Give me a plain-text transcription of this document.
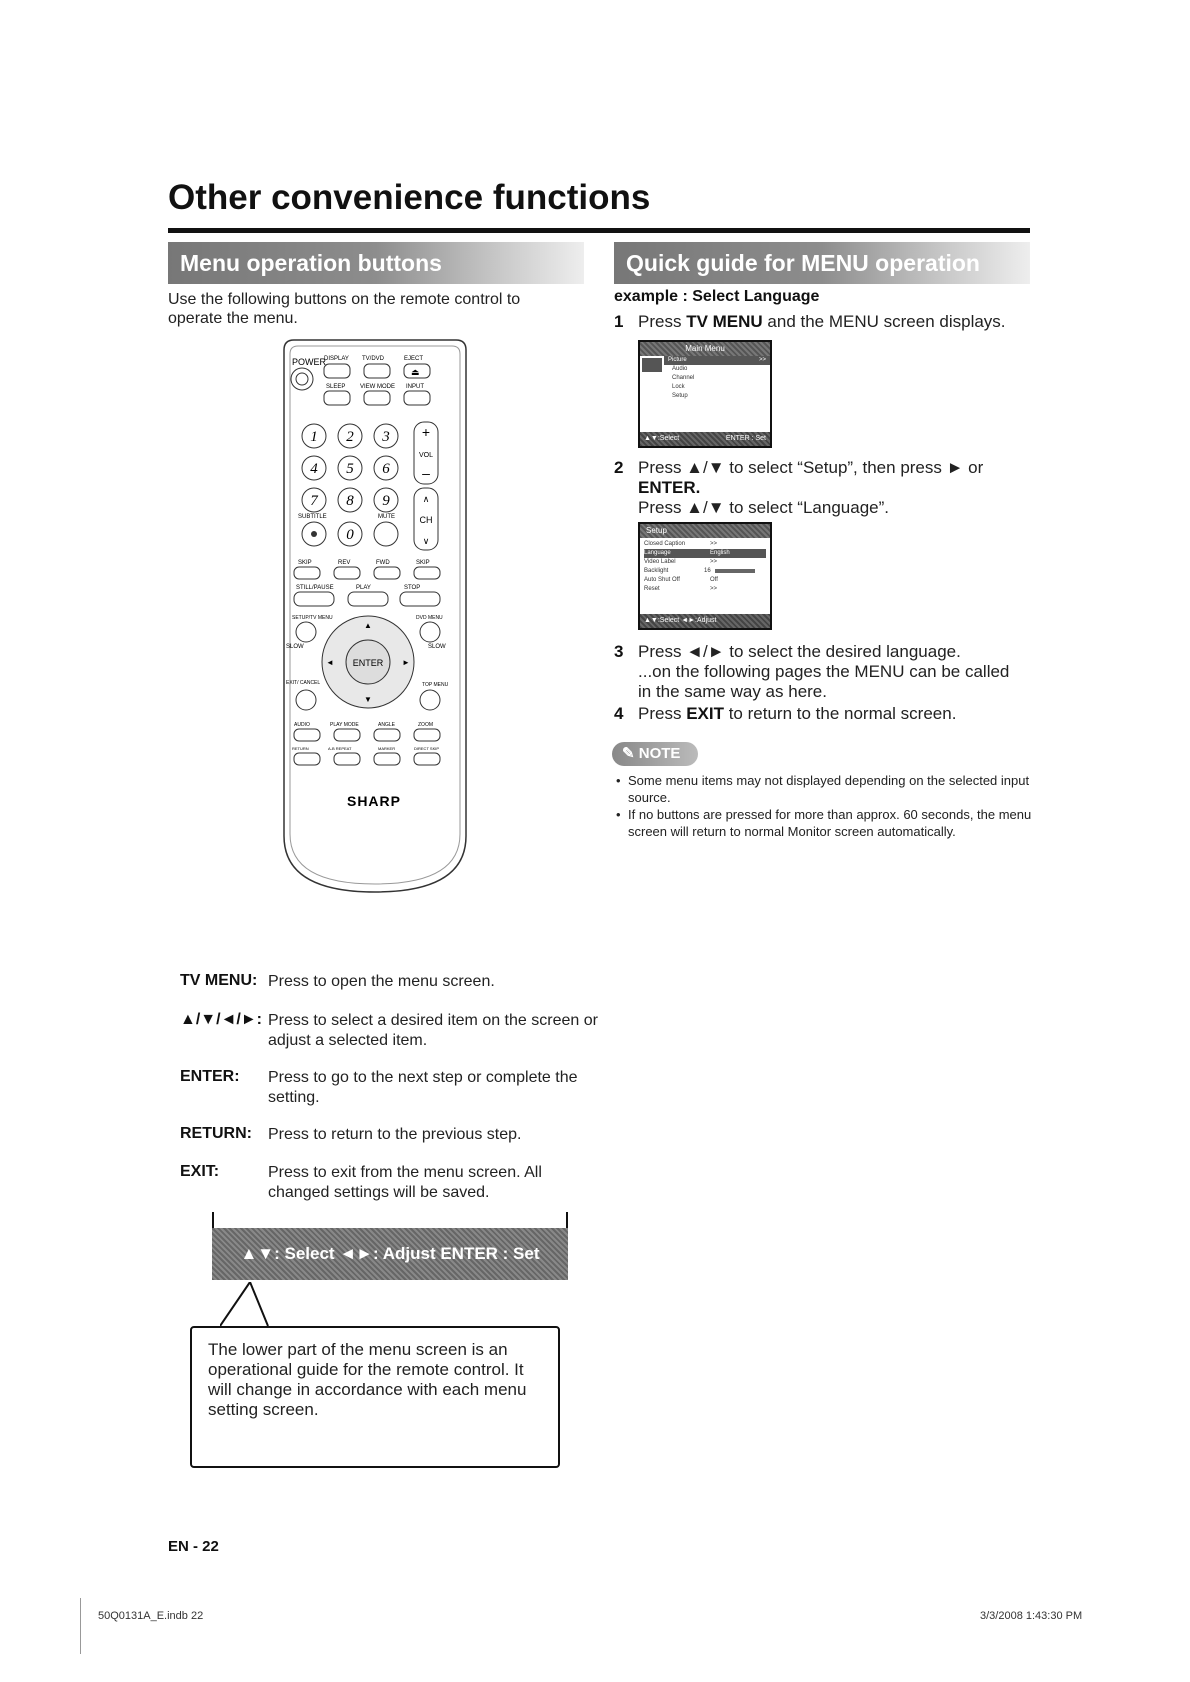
Other convenience functions
Menu operation buttons	Quick guide for MENU operation
Use the following buttons on the remote control to operate the menu.
POWER
DISPLAY TV/DVD	EJECT
⏏
SLEEP VIEW MODE INPUT
1 2 3
4 5 6
7 8 9
0
SUBTITLE	MUTE
+
VOL
–
∧
CH
∨
SKIP	REV	FWD	SKIP
STILL/PAUSE	PLAY	STOP
SETUP/TV MENU	DVD MENU
ENTER
▲
▼
◄	►
SLOW	SLOW
EXIT/ CANCEL	TOP MENU
AUDIO	PLAY MODE	ANGLE	ZOOM
RETURN	A-B REPEAT	MARKER	DIRECT SKIP
SHARP
TV MENU: Press to open the menu screen.
▲/▼/◄/►: Press to select a desired item on the screen or adjust a selected item.
ENTER: Press to go to the next step or complete the setting.
RETURN: Press to return to the previous step.
EXIT:	Press to exit from the menu screen. All changed settings will be saved.
▲▼: Select ◄►: Adjust ENTER : Set
The lower part of the menu screen is an operational guide for the remote control. It will change in accordance with each menu setting screen.
example : Select Language
1 Press TV MENU and the MENU screen displays.
Main Menu
Picture	>>
Audio
Channel
Lock
Setup
▲▼:Select	ENTER : Set
2 Press ▲/▼ to select “Setup”, then press ► or
ENTER.
Press ▲/▼ to select “Language”.
Setup
Closed Caption	>>
Language	English
Video Label	>>
Backlight	16
Auto Shut Off	Off
Reset	>>
▲▼:Select ◄►:Adjust
3 Press ◄/► to select the desired language.
...on the following pages the MENU can be called
in the same way as here.
4 Press EXIT to return to the normal screen.
✎ NOTE
• Some menu items may not displayed depending on the selected input source.
• If no buttons are pressed for more than approx. 60 seconds, the menu screen will return to normal Monitor screen automatically.
EN - 22
50Q0131A_E.indb 22	3/3/2008 1:43:30 PM
